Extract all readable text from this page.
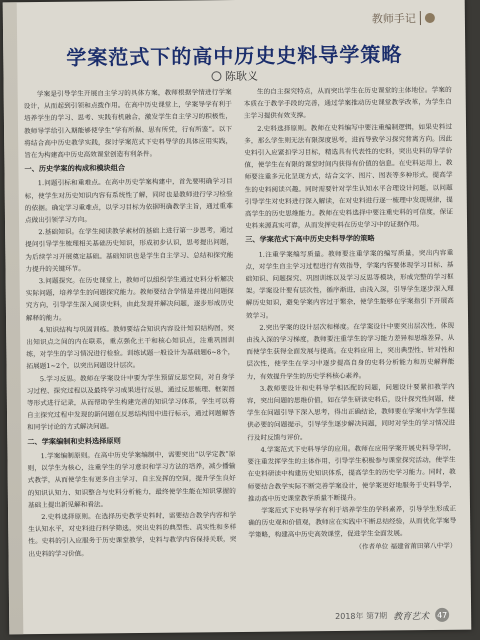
教师手记
学案范式下的高中历史史料导学策略
陈耿义

学案是引导学生开展自主学习的具体方案，教师根据学情进行学案设计，从而起到引领和点拨作用。在高中历史课堂上，学案导学有利于培养学生的学习、思考、实践有机融合，激发学生自主学习的积极性，教师导学给引入期能够使学生“学有所据、思有所凭，行有所鉴”。以下将结合高中历史教学实践，探讨学案范式下史料导学的具体应用实践，旨在为构建高中历史高效课堂创造有利条件。

一、历史学案的构成和模块组合

1.问题引标和重难点。在高中历史学案构建中，首先要明确学习目标，使学生对历史知识内容有系统性了解，同时也是教师进行学习检验的依据。确定学习重难点，以学习目标为依据明确教学主旨，通过重难点做出引领学习方向。

2.基础知识。在学生阅读教学素材的基础上进行第一步思考，通过提问引导学生梳理相关基础历史知识，形成初步认识，思考提出问题，为后续学习开展奠定基础。基础知识也是学生自主学习、总结和探究能力提升的关键环节。

3.问题探究。在历史课堂上，教师可以组织学生通过史料分析解决实际问题，培养学生的问题探究能力。教师要结合学情是并提出问题探究方向，引导学生深入阅读史料，由此发现并解决问题，逐步形成历史解释的能力。

4.知识结构与巩固训练。教师要结合知识内容设计知识结构图，突出知识点之间的内在联系，重点强化主干和核心知识点，注重巩固训练，对学生的学习情况进行检验。训练试题一般设计为基础题6~8个，拓展题1~2个，以突出问题设计层次。

5.学习反思。教师在学案设计中要为学生预留反思空间，对自身学习过程、探究过程以及最终学习成果进行反思，通过反思梳理、框架图等形式进行记录，从而帮助学生构建完善的知识学习体系，学生可以将自主探究过程中发现的新问题在反思结构图中进行标示，通过问题解答和同学讨论的方式解决问题。

二、学案编制和史料选择原则

1.学案编制原则。在高中历史学案编制中，需要突出“以学定教”原则，以学生为核心，注重学生的学习意识和学习方法的培养，减少播输式教学，从而使学生有更多自主学习、自主发挥的空间，提升学生良好的知识认知力、知识整合与史料分析能力，最终使学生能在知识掌握的基础上提出新见解和看法。

2.史料选择原则。在选择历史教学史料时，需要结合教学内容和学生认知水平，对史料进行科学筛选，突出史料的典型性、真实性和多样性。史料的引入应服务于历史课堂教学，史料与教学内容保持关联，突出史料的学习价值。

生的自主探究特点，从而突出学生在历史课堂的主体地位。学案的本质在于教学手段的完善，通过学案推动历史课堂教学改革，为学生自主学习提供有效支撑。

2.史料选择原则。教师在史料编写中要注重编制逻辑，如果史料过多，那么学生则无法有限深度思考，进而导致学习探究背离方向。因此史料引入应紧扣学习目标，精选具有代表性的史料，突出史料的导学价值，使学生在有限的课堂时间内获得有价值的信息。在史料运用上，教师要注重多元化呈现方式，结合文字、图片、图表等多种形式，提高学生的史料阅读兴趣。同时需要针对学生认知水平合理设计问题，以问题引导学生对史料进行深入解读，在对史料进行逐一梳理中发现规律，提高学生的历史思维能力。教师在史料选择中要注重史料的可信度，保证史料来源真实可靠，从而发挥史料在历史学习中的证据作用。

三、学案范式下高中历史史料导学的策略

1.注重学案编写质量。教师要注重学案的编写质量，突出内容重点，对学生自主学习过程进行有效指导，学案内容要体现学习目标、基础知识、问题探究、巩固训练以及学习反思等模块，形成完整的学习框架。学案设计要有层次性，循序渐进，由浅入深，引导学生逐步深入理解历史知识，避免学案内容过于繁杂，使学生能够在学案指引下开展高效学习。

2.突出学案的设计层次和梯度。在学案设计中要突出层次性，体现由浅入深的学习梯度，教师要注重学生的学习能力差异和思维差异，从而使学生获得全面发展与提高。在史料应用上，突出典型性、针对性和层次性，使学生在学习中逐步提高自身的史料分析能力和历史解释能力，有效提升学生的历史学科核心素养。

3.教师要设计和史料导学相匹配的问题，问题设计要紧扣教学内容，突出问题的思维价值，如在学生研读史料后，设计探究性问题，使学生在问题引导下深入思考，得出正确结论，教师要在学案中为学生提供必要的问题提示，引导学生逐步解决问题，同时对学生的学习情况进行及时反馈与评价。

4.学案范式下史料导学的应用。教师在应用学案开展史料导学时，要注重发挥学生的主体作用，引导学生积极参与课堂探究活动，使学生在史料研读中构建历史知识体系，提高学生的历史学习能力。同时，教师要结合教学实际不断完善学案设计，使学案更好地服务于史料导学，推动高中历史课堂教学质量不断提升。

学案范式下史料导学有利于培养学生的学科素养，引导学生形成正确的历史观和价值观，教师应在实践中不断总结经验，从而优化学案导学策略，构建高中历史高效课堂，促进学生全面发展。

（作者单位 福建省莆田第八中学）

2018年 第7期 教育艺术 47
